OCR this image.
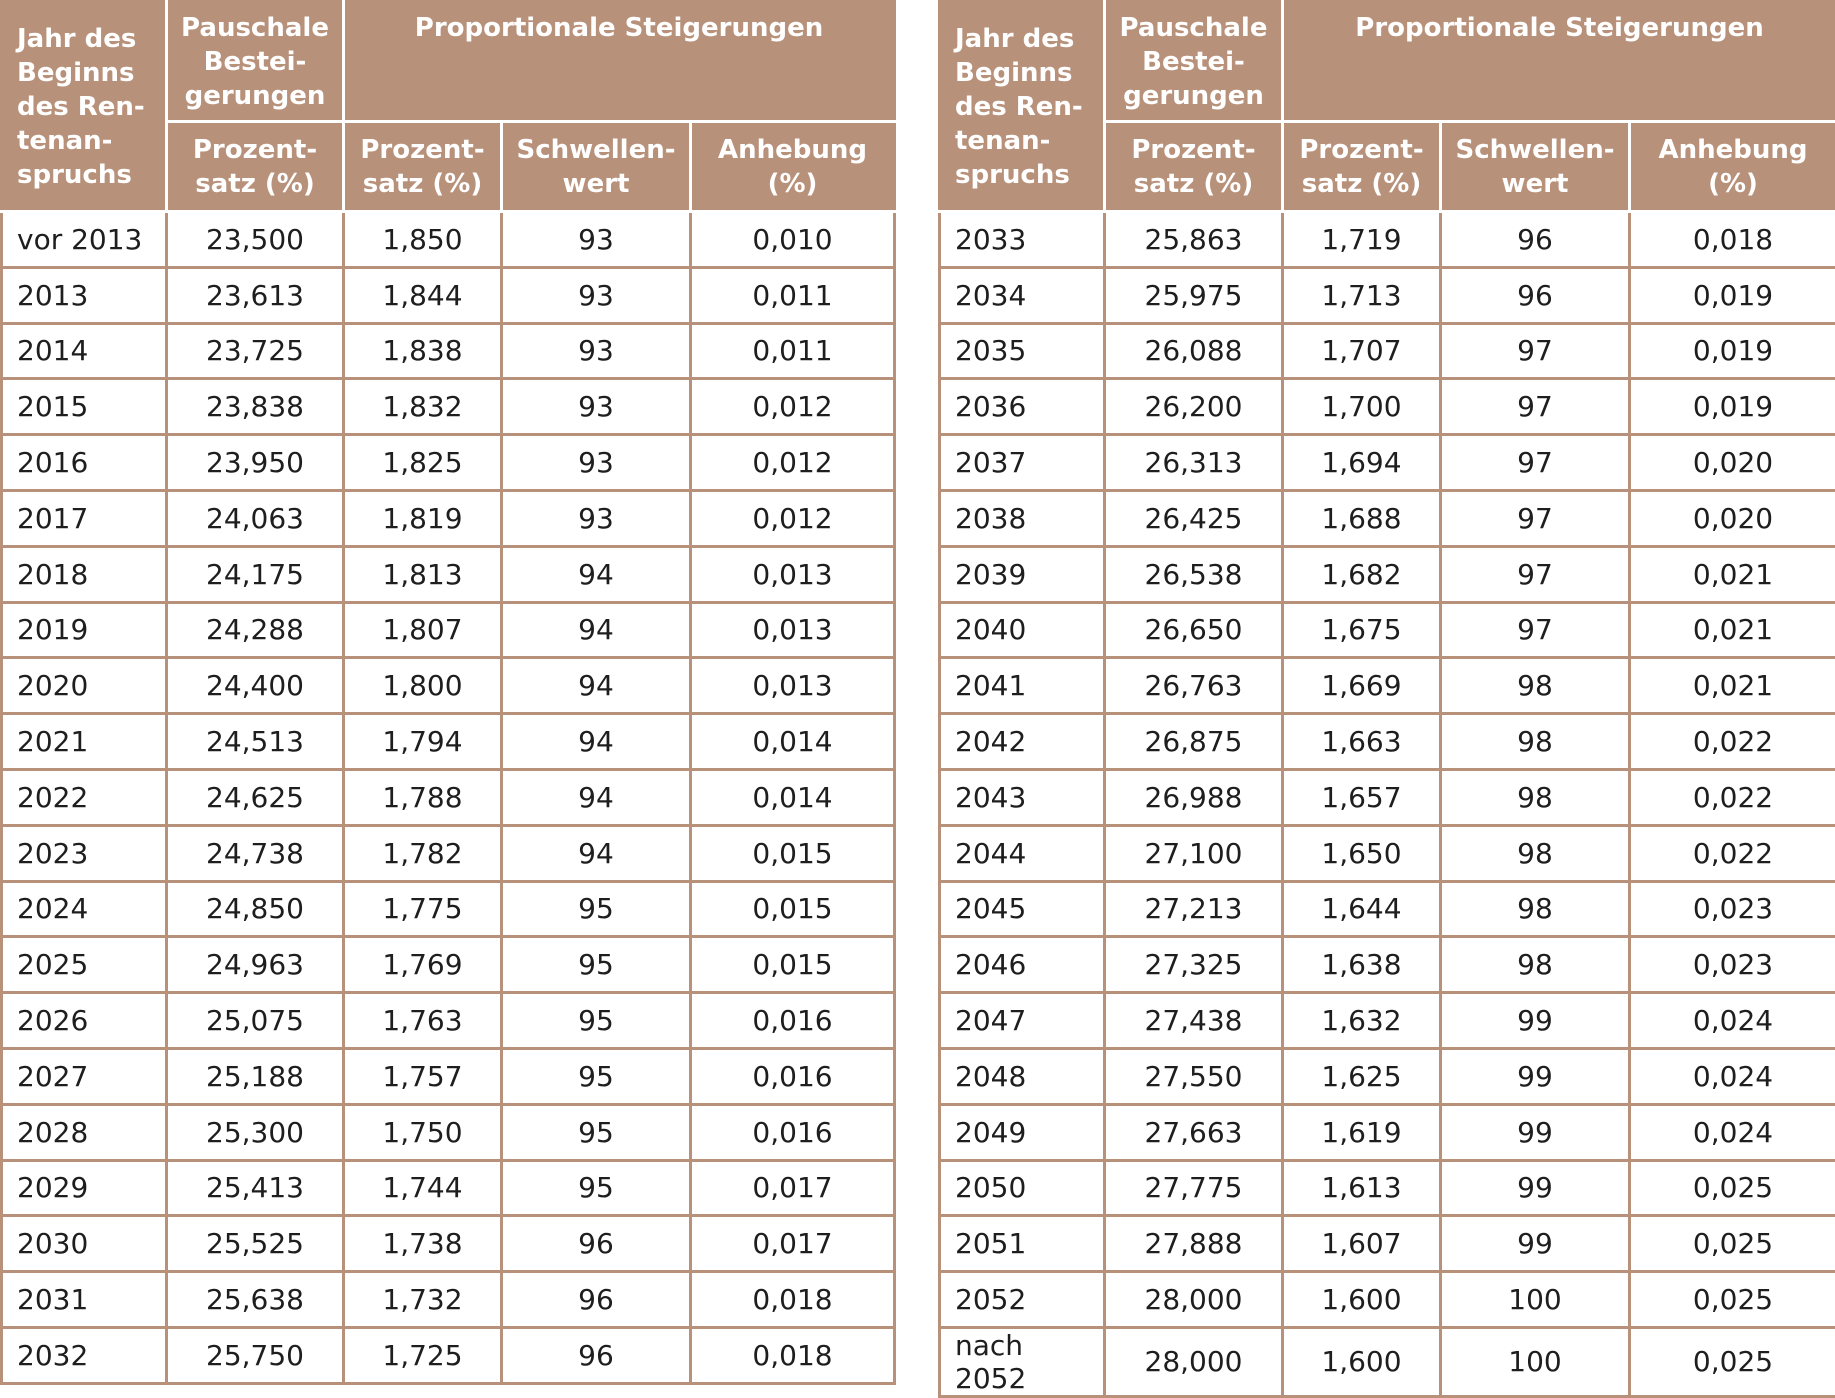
Jahr des Beginns des Ren-tenan-spruchs	Pauschale Bestei-gerungen	Proportionale Steigerungen		

	Prozent-satz (%)	Prozent-satz (%)	Schwellen-wert	Anhebung (%)

vor 2013	23,500	1,850	93	0,010
2013	23,613	1,844	93	0,011
2014	23,725	1,838	93	0,011
2015	23,838	1,832	93	0,012
2016	23,950	1,825	93	0,012
2017	24,063	1,819	93	0,012
2018	24,175	1,813	94	0,013
2019	24,288	1,807	94	0,013
2020	24,400	1,800	94	0,013
2021	24,513	1,794	94	0,014
2022	24,625	1,788	94	0,014
2023	24,738	1,782	94	0,015
2024	24,850	1,775	95	0,015
2025	24,963	1,769	95	0,015
2026	25,075	1,763	95	0,016
2027	25,188	1,757	95	0,016
2028	25,300	1,750	95	0,016
2029	25,413	1,744	95	0,017
2030	25,525	1,738	96	0,017
2031	25,638	1,732	96	0,018
2032	25,750	1,725	96	0,018
Jahr des Beginns des Ren-tenan-spruchs	Pauschale Bestei-gerungen	Proportionale Steigerungen		

	Prozent-satz (%)	Prozent-satz (%)	Schwellen-wert	Anhebung (%)

2033	25,863	1,719	96	0,018
2034	25,975	1,713	96	0,019
2035	26,088	1,707	97	0,019
2036	26,200	1,700	97	0,019
2037	26,313	1,694	97	0,020
2038	26,425	1,688	97	0,020
2039	26,538	1,682	97	0,021
2040	26,650	1,675	97	0,021
2041	26,763	1,669	98	0,021
2042	26,875	1,663	98	0,022
2043	26,988	1,657	98	0,022
2044	27,100	1,650	98	0,022
2045	27,213	1,644	98	0,023
2046	27,325	1,638	98	0,023
2047	27,438	1,632	99	0,024
2048	27,550	1,625	99	0,024
2049	27,663	1,619	99	0,024
2050	27,775	1,613	99	0,025
2051	27,888	1,607	99	0,025
2052	28,000	1,600	100	0,025
nach 2052	28,000	1,600	100	0,025
